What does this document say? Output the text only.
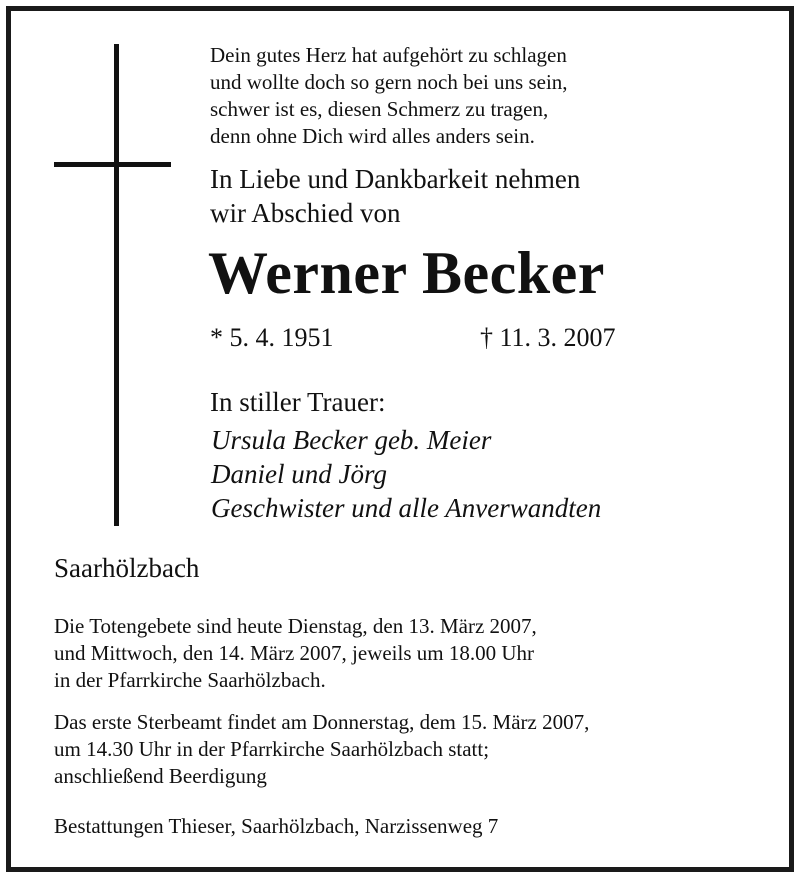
Dein gutes Herz hat aufgehört zu schlagen
und wollte doch so gern noch bei uns sein,
schwer ist es, diesen Schmerz zu tragen,
denn ohne Dich wird alles anders sein.
In Liebe und Dankbarkeit nehmen
wir Abschied von
Werner Becker
* 5. 4. 1951	† 11. 3. 2007
In stiller Trauer:
Ursula Becker geb. Meier
Daniel und Jörg
Geschwister und alle Anverwandten
Saarhölzbach
Die Totengebete sind heute Dienstag, den 13. März 2007,
und Mittwoch, den 14. März 2007, jeweils um 18.00 Uhr
in der Pfarrkirche Saarhölzbach.
Das erste Sterbeamt findet am Donnerstag, dem 15. März 2007,
um 14.30 Uhr in der Pfarrkirche Saarhölzbach statt;
anschließend Beerdigung
Bestattungen Thieser, Saarhölzbach, Narzissenweg 7
